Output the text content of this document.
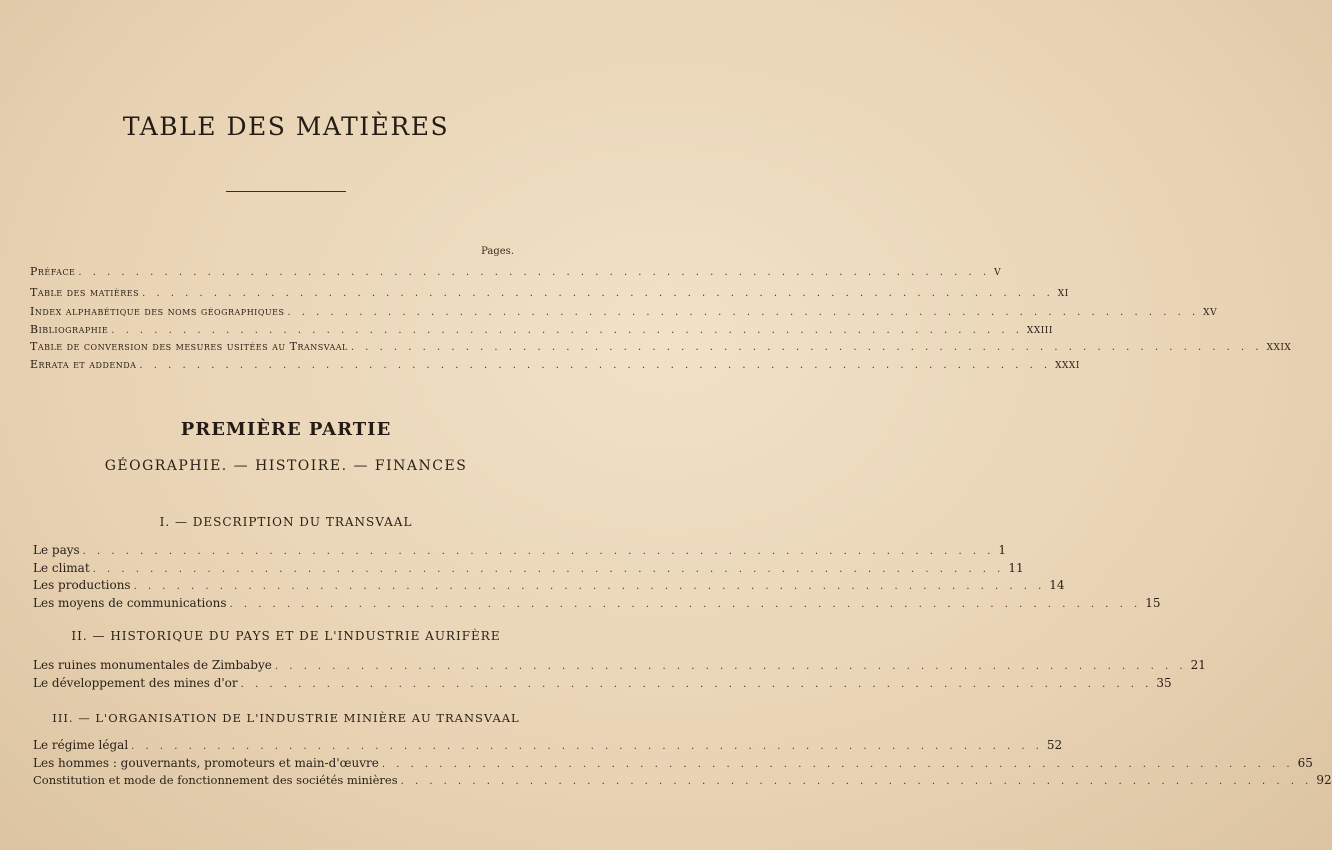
TABLE DES MATIÈRES
Pages.
Préface . . . . . . . . . . . . . . . . . . . . . . . . . . . . . . . . . . . . . . . . . . . . . . . . . . . . . . . . . . . . . . . . V
Table des matières . . . . . . . . . . . . . . . . . . . . . . . . . . . . . . . . . . . . . . . . . . . . . . . . . . . . . . . . . . . . . . . . XI
Index alphabétique des noms géographiques . . . . . . . . . . . . . . . . . . . . . . . . . . . . . . . . . . . . . . . . . . . . . . . . . . . . . . . . . . . . . . . . XV
Bibliographie . . . . . . . . . . . . . . . . . . . . . . . . . . . . . . . . . . . . . . . . . . . . . . . . . . . . . . . . . . . . . . . . XXIII
Table de conversion des mesures usitées au Transvaal . . . . . . . . . . . . . . . . . . . . . . . . . . . . . . . . . . . . . . . . . . . . . . . . . . . . . . . . . . . . . . . . XXIX
Errata et addenda . . . . . . . . . . . . . . . . . . . . . . . . . . . . . . . . . . . . . . . . . . . . . . . . . . . . . . . . . . . . . . . . XXXI
PREMIÈRE PARTIE
GÉOGRAPHIE. — HISTOIRE. — FINANCES
I. — DESCRIPTION DU TRANSVAAL
Le pays . . . . . . . . . . . . . . . . . . . . . . . . . . . . . . . . . . . . . . . . . . . . . . . . . . . . . . . . . . . . . . . . 1
Le climat . . . . . . . . . . . . . . . . . . . . . . . . . . . . . . . . . . . . . . . . . . . . . . . . . . . . . . . . . . . . . . . . 11
Les productions . . . . . . . . . . . . . . . . . . . . . . . . . . . . . . . . . . . . . . . . . . . . . . . . . . . . . . . . . . . . . . . . 14
Les moyens de communications . . . . . . . . . . . . . . . . . . . . . . . . . . . . . . . . . . . . . . . . . . . . . . . . . . . . . . . . . . . . . . . . 15
II. — HISTORIQUE DU PAYS ET DE L'INDUSTRIE AURIFÈRE
Les ruines monumentales de Zimbabye . . . . . . . . . . . . . . . . . . . . . . . . . . . . . . . . . . . . . . . . . . . . . . . . . . . . . . . . . . . . . . . . 21
Le développement des mines d'or . . . . . . . . . . . . . . . . . . . . . . . . . . . . . . . . . . . . . . . . . . . . . . . . . . . . . . . . . . . . . . . . 35
III. — L'ORGANISATION DE L'INDUSTRIE MINIÈRE AU TRANSVAAL
Le régime légal . . . . . . . . . . . . . . . . . . . . . . . . . . . . . . . . . . . . . . . . . . . . . . . . . . . . . . . . . . . . . . . . 52
Les hommes : gouvernants, promoteurs et main-d'œuvre . . . . . . . . . . . . . . . . . . . . . . . . . . . . . . . . . . . . . . . . . . . . . . . . . . . . . . . . . . . . . . . . 65
Constitution et mode de fonctionnement des sociétés minières . . . . . . . . . . . . . . . . . . . . . . . . . . . . . . . . . . . . . . . . . . . . . . . . . . . . . . . . . . . . . . . . 92
